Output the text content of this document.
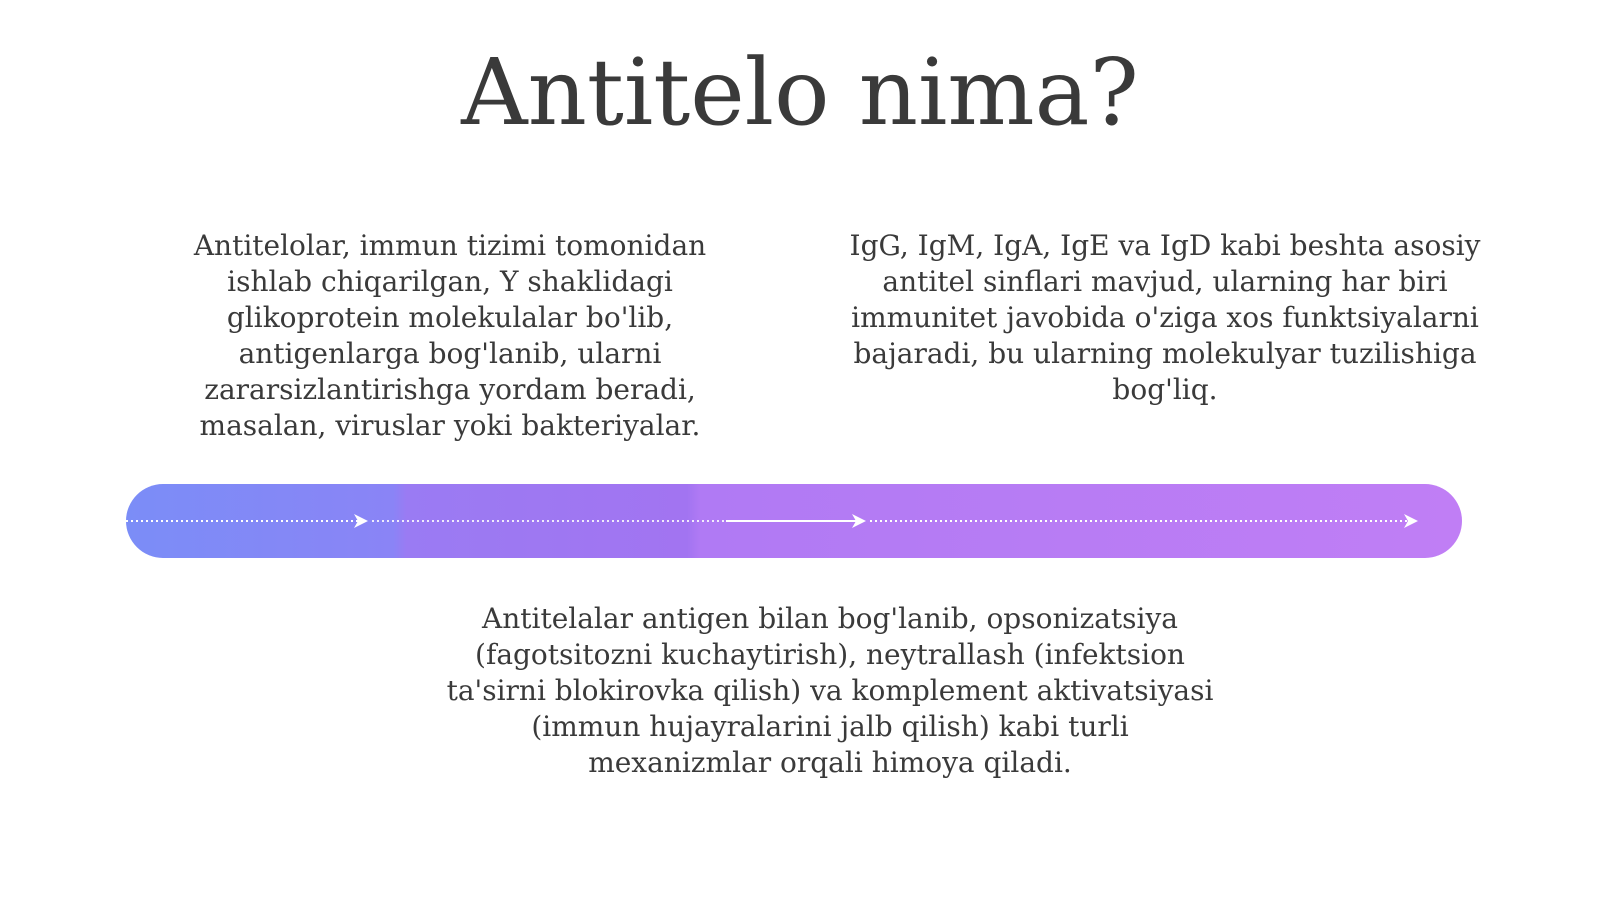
Antitelo nima?

Antitelolar, immun tizimi tomonidan ishlab chiqarilgan, Y shaklidagi glikoprotein molekulalar bo'lib, antigenlarga bog'lanib, ularni zararsizlantirishga yordam beradi, masalan, viruslar yoki bakteriyalar.

IgG, IgM, IgA, IgE va IgD kabi beshta asosiy antitel sinflari mavjud, ularning har biri immunitet javobida o'ziga xos funktsiyalarni bajaradi, bu ularning molekulyar tuzilishiga bog'liq.

Antitelalar antigen bilan bog'lanib, opsonizatsiya (fagotsitozni kuchaytirish), neytrallash (infektsion ta'sirni blokirovka qilish) va komplement aktivatsiyasi (immun hujayralarini jalb qilish) kabi turli mexanizmlar orqali himoya qiladi.
